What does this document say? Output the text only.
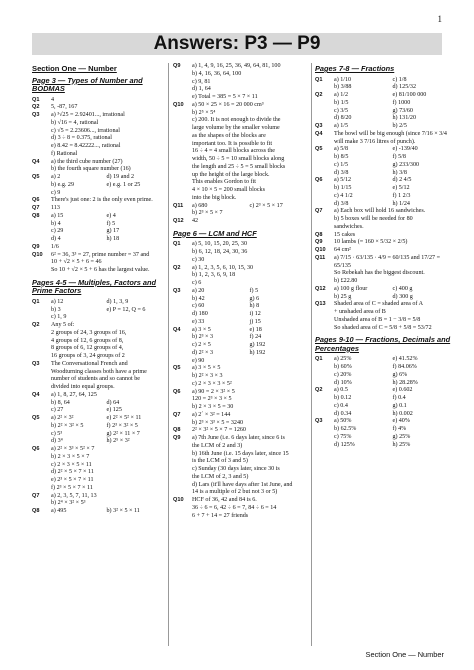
1
Answers: P3 — P9
Section One — Number
Page 3 — Types of Number and BODMAS
Q1	4
Q2	5, -87, 167
Q3	a) ³√25 = 2.92401..., irrational
b) √16 = 4, rational
c) √5 = 2.23606..., irrational
d) 3 ÷ 8 = 0.375, rational
e) 8.42 = 8.42222..., rational
f) Rational
Q4	a) the third cube number (27)
b) the fourth square number (16)
Q5	a) 2	d) 19 and 2
b) e.g. 29	e) e.g. 1 or 25
c) 9
Q6	There's just one: 2 is the only even prime.
Q7	113
Q8	a) 15	e) 4
b) 4	f) 5
c) 29	g) 17
d) 4	h) 18
Q9	1/6
Q10	6² = 36, 3³ = 27, prime number = 37 and
10 + √2 × 5 + 6 = 46
So 10 + √2 × 5 + 6 has the largest value.
Pages 4-5 — Multiples, Factors and Prime Factors
Q1	a) 12	d) 1, 3, 9
b) 3	e) P = 12, Q = 6
c) 1, 9
Q2	Any 5 of:
2 groups of 24, 3 groups of 16,
4 groups of 12, 6 groups of 8,
8 groups of 6, 12 groups of 4,
16 groups of 3, 24 groups of 2
Q3	The Conversational French and
Woodturning classes both have a prime
number of students and so cannot be
divided into equal groups.
Q4	a) 1, 8, 27, 64, 125
b) 8, 64	d) 64
c) 27	e) 125
Q5	a) 2² × 3²	e) 2² × 5² × 11
b) 2² × 3² × 5	f) 2³ × 3² × 5
c) 5³	g) 2² × 11 × 7
d) 3⁴	h) 2⁵ × 3²
Q6	a) 2² × 3³ × 5² × 7
b) 2 × 3 × 5 × 7
c) 2 × 3 × 5 × 11
d) 2² × 5 × 7 × 11
e) 2³ × 5 × 7 × 11
f) 2³ × 5 × 7 × 11
Q7	a) 2, 3, 5, 7, 11, 13
b) 2⁴ × 3² × 5³
Q8	a) 495	b) 3² × 5 × 11
Q9	a) 1, 4, 9, 16, 25, 36, 49, 64, 81, 100
b) 4, 16, 36, 64, 100
c) 9, 81
d) 1, 64
e) Total = 385 = 5 × 7 × 11
Q10	a) 50 × 25 × 16 = 20 000 cm³
b) 2⁵ × 5⁴
c) 200. It is not enough to divide the
large volume by the smaller volume
as the shapes of the blocks are
important too. It is possible to fit
16 ÷ 4 = 4 small blocks across the
width, 50 ÷ 5 = 10 small blocks along
the length and 25 ÷ 5 = 5 small blocks
up the height of the large block.
This enables Gordon to fit
4 × 10 × 5 = 200 small blocks
into the big block.
Q11	a) 680	c) 2³ × 5 × 17
b) 2³ × 5 × 7
Q12	42
Page 6 — LCM and HCF
Q1	a) 5, 10, 15, 20, 25, 30
b) 6, 12, 18, 24, 30, 36
c) 30
Q2	a) 1, 2, 3, 5, 6, 10, 15, 30
b) 1, 2, 3, 6, 9, 18
c) 6
Q3	a) 20	f) 5
b) 42	g) 6
c) 60	h) 8
d) 180	i) 12
e) 33	j) 15
Q4	a) 3 × 5	e) 18
b) 2³ × 3	f) 24
c) 2 × 5	g) 192
d) 2² × 3	h) 192
e) 90
Q5	a) 3 × 5 × 5
b) 2² × 3 × 3
c) 2 × 3 × 3 × 5²
Q6	a) 90 = 2 × 3² × 5
120 = 2³ × 3 × 5
b) 2 × 3 × 5 = 30
Q7	a) 2´ × 3² = 144
b) 2³ × 3³ × 5 = 3240
Q8	2² × 3² × 5 × 7 = 1260
Q9	a) 7th June (i.e. 6 days later, since 6 is
the LCM of 2 and 3)
b) 16th June (i.e. 15 days later, since 15
is the LCM of 3 and 5)
c) Sunday (30 days later, since 30 is
the LCM of 2, 3 and 5)
d) Lars (it'll have days after 1st June, and
14 is a multiple of 2 but not 3 or 5)
Q10	HCF of 36, 42 and 84 is 6.
36 ÷ 6 = 6, 42 ÷ 6 = 7, 84 ÷ 6 = 14
6 + 7 + 14 = 27 friends
Pages 7-8 — Fractions
Q1	a) 1/10	c) 1/8
b) 3/88	d) 125/32
Q2	a) 1/2	e) 81/100 000
b) 1/5	f) 1000
c) 3/5	g) 73/60
d) 8/20	h) 131/20
Q3	a) 1/5	b) 2/5
Q4	The bowl will be big enough (since 7/16 × 3/4
will make 3 7/16 litres of punch).
Q5	a) 5/8	e) -139/40
b) 8/5	f) 5/8
c) 1/5	g) 233/300
d) 3/8	h) 3/8
Q6	a) 5/12	d) 2 4/5
b) 1/15	e) 5/12
c) 4 1/2	f) 1 2/3
d) 3/8	h) 1/24
Q7	a) Each box will hold 16 sandwiches.
b) 5 boxes will be needed for 80
sandwiches.
Q8	15 cakes
Q9	10 lambs (= 160 × 5/32 × 2/5)
Q10	64 cm²
Q11	a) 7/15 · 63/135 · 4/9 = 60/135 and 17/27 = 65/135
So Rebekah has the biggest discount.
b) £22.80
Q12	a) 100 g flour	c) 400 g
b) 25 g	d) 300 g
Q13	Shaded area of C = shaded area of A
+ unshaded area of B
Unshaded area of B = 1 − 3/8 = 5/8
So shaded area of C = 5/8 + 5/8 = 53/72
Pages 9-10 — Fractions, Decimals and Percentages
Q1	a) 25%	e) 41.52%
b) 60%	f) 84.06%
c) 20%	g) 6%
d) 10%	h) 28.28%
Q2	a) 0.5	e) 0.602
b) 0.12	f) 0.4
c) 0.4	g) 0.1
d) 0.34	h) 0.002
Q3	a) 50%	e) 40%
b) 62.5%	f) 4%
c) 75%	g) 25%
d) 125%	h) 25%
Section One — Number
